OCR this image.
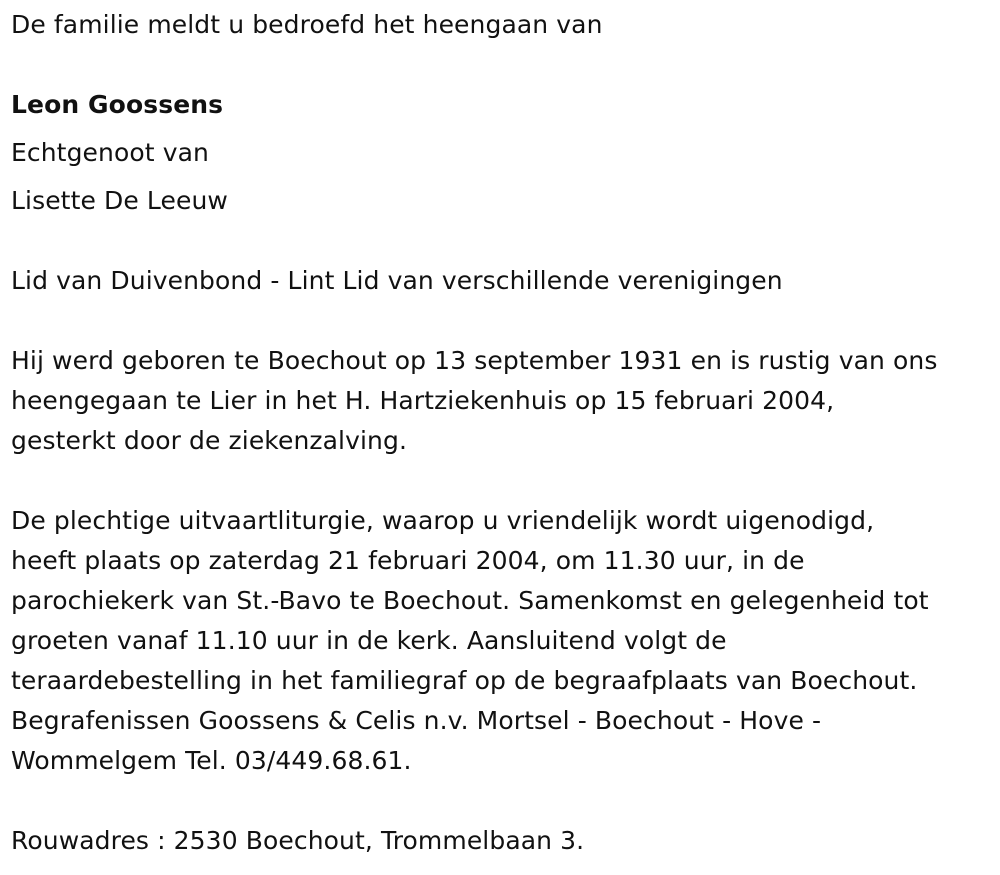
De familie meldt u bedroefd het heengaan van
Leon Goossens
Echtgenoot van
Lisette De Leeuw
Lid van Duivenbond - Lint Lid van verschillende verenigingen
Hij werd geboren te Boechout op 13 september 1931 en is rustig van ons
heengegaan te Lier in het H. Hartziekenhuis op 15 februari 2004,
gesterkt door de ziekenzalving.
De plechtige uitvaartliturgie, waarop u vriendelijk wordt uigenodigd,
heeft plaats op zaterdag 21 februari 2004, om 11.30 uur, in de
parochiekerk van St.-Bavo te Boechout. Samenkomst en gelegenheid tot
groeten vanaf 11.10 uur in de kerk. Aansluitend volgt de
teraardebestelling in het familiegraf op de begraafplaats van Boechout.
Begrafenissen Goossens & Celis n.v. Mortsel - Boechout - Hove -
Wommelgem Tel. 03/449.68.61.
Rouwadres : 2530 Boechout, Trommelbaan 3.
